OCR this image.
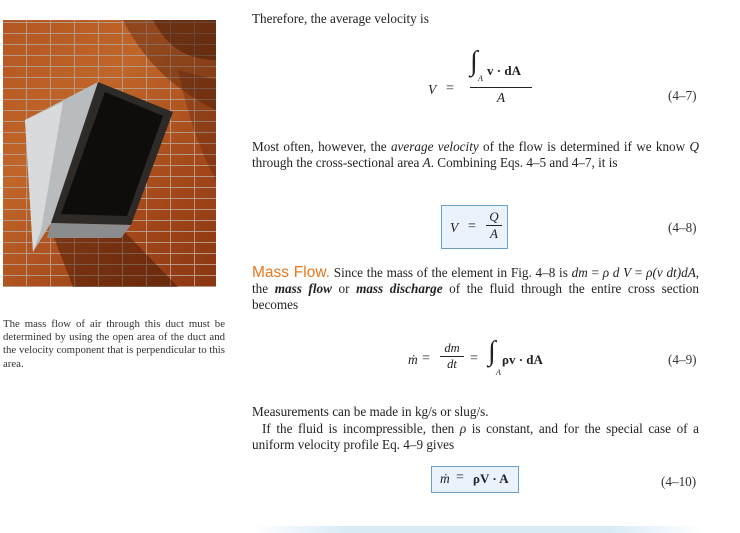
The mass flow of air through this duct must be determined by using the open area of the duct and the velocity component that is perpendicular to this area.
Therefore, the average velocity is
V =
∫
A
v · dA
A	(4–7)
Most often, however, the average velocity of the flow is determined if we know Q through the cross-sectional area A. Combining Eqs. 4–5 and 4–7, it is
$V = \frac{Q}{A}$	(4–8)
Mass Flow. Since the mass of the element in Fig. 4–8 is dm = ρ d V = ρ(v dt)dA, the mass flow or mass discharge of the fluid through the entire cross section becomes
ṁ = $\frac{dm}{dt}$ = ∫
A
ρv · dA	(4–9)
Measurements can be made in kg/s or slug/s.
If the fluid is incompressible, then ρ is constant, and for the special case of a uniform velocity profile Eq. 4–9 gives
ṁ = ρV · A	(4–10)
